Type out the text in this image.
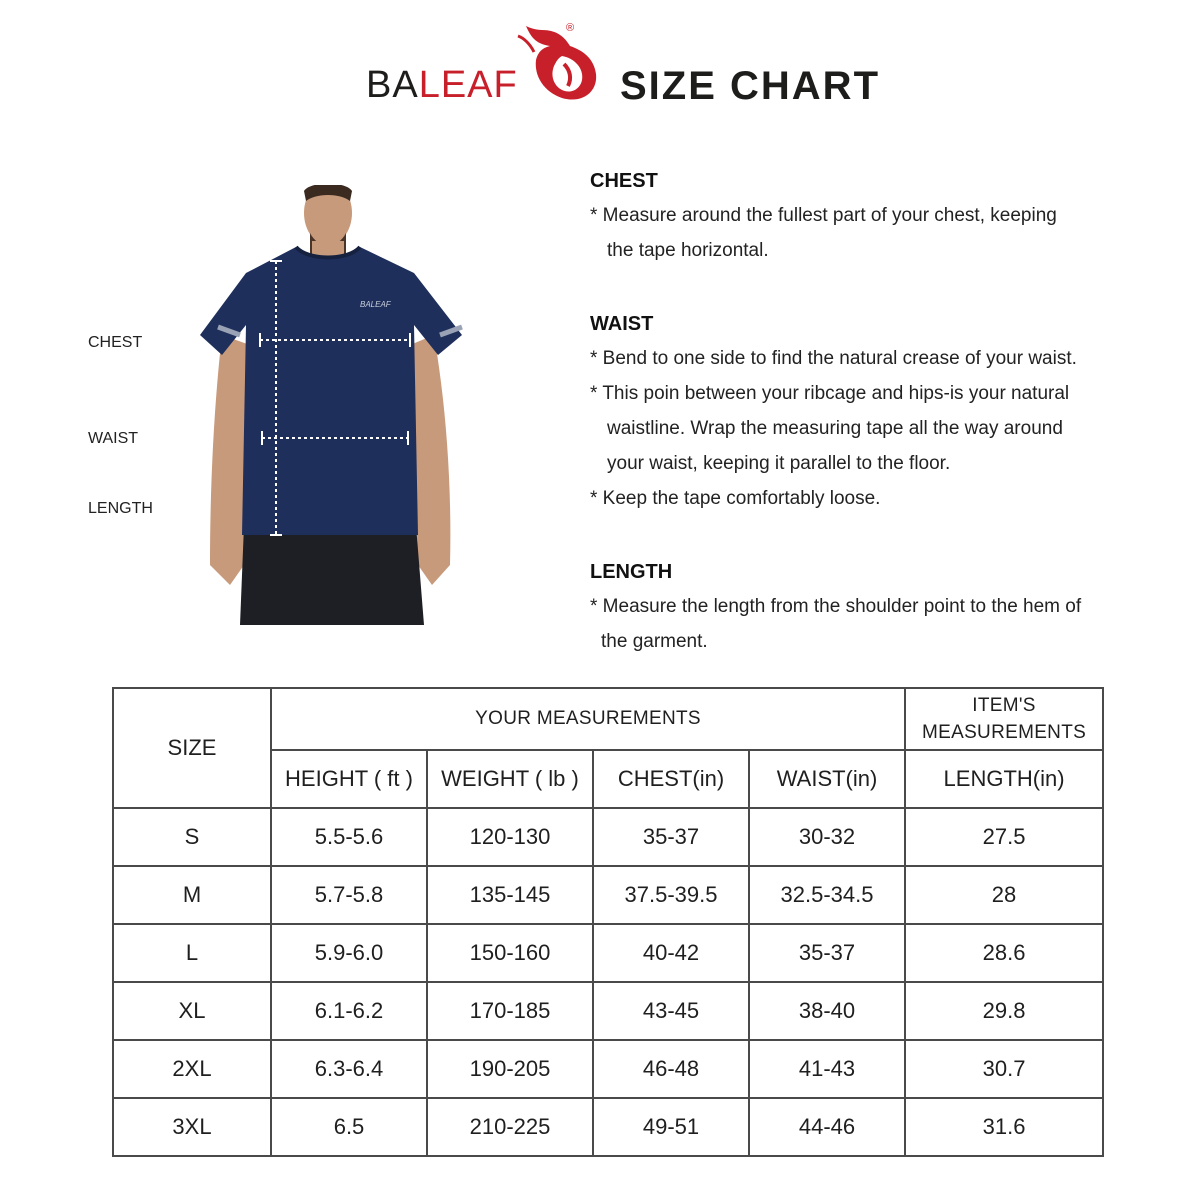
BALEAF
®
SIZE CHART
BALEAF
CHEST
WAIST
LENGTH
CHEST

* Measure around the fullest part of your chest, keeping

the tape horizontal.

WAIST

* Bend to one side to find the natural crease of your waist.

* This poin between your ribcage and hips-is your natural

waistline. Wrap the measuring tape all the way around

your waist, keeping it parallel to the floor.

* Keep the tape comfortably loose.

LENGTH

* Measure the length from the shoulder point to the hem of

the garment.

SIZE	YOUR MEASUREMENTS				ITEM'S
MEASUREMENTS

	HEIGHT ( ft )	WEIGHT ( lb )	CHEST(in)	WAIST(in)	LENGTH(in)
S	5.5-5.6	120-130	35-37	30-32	27.5
M	5.7-5.8	135-145	37.5-39.5	32.5-34.5	28
L	5.9-6.0	150-160	40-42	35-37	28.6
XL	6.1-6.2	170-185	43-45	38-40	29.8
2XL	6.3-6.4	190-205	46-48	41-43	30.7
3XL	6.5	210-225	49-51	44-46	31.6
